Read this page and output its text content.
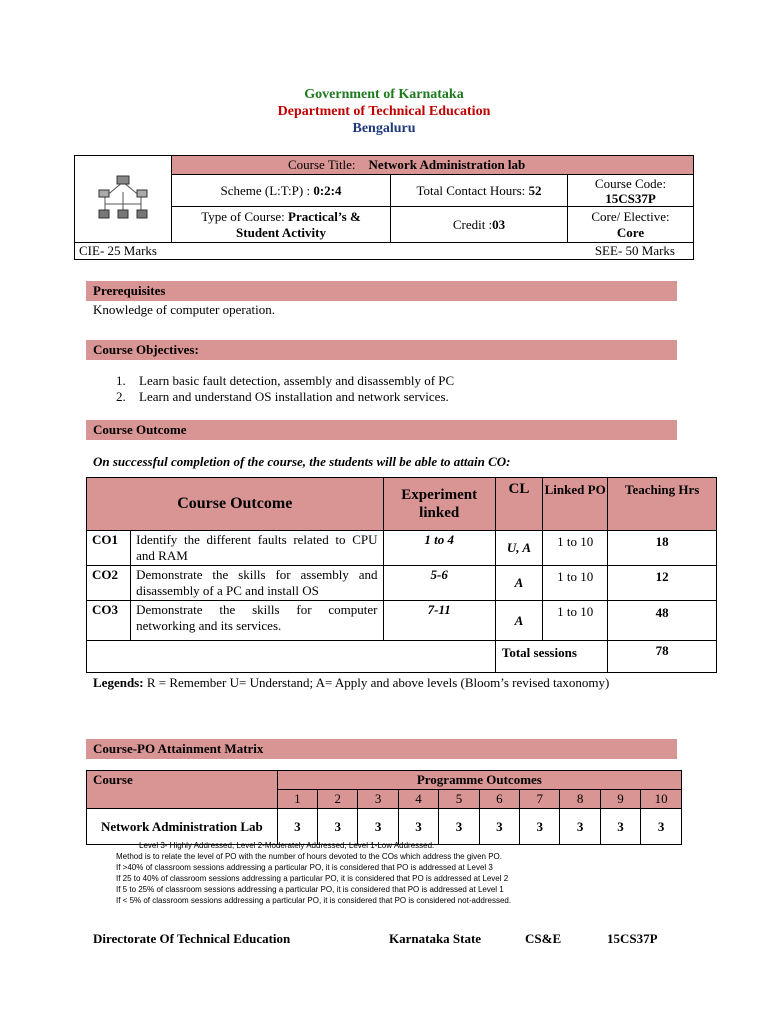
Government of Karnataka
Department of Technical Education
Bengaluru
	Course Title: Network Administration lab		
	Scheme (L:T:P) : 0:2:4	Total Contact Hours: 52	Course Code:
15CS37P
	Type of Course: Practical’s &
Student Activity	Credit :03	Core/ Elective:
Core
CIE- 25 Marks SEE- 50 Marks			
Prerequisites
Knowledge of computer operation.
Course Objectives:
1. Learn basic fault detection, assembly and disassembly of PC
2. Learn and understand OS installation and network services.
Course Outcome
On successful completion of the course, the students will be able to attain CO:
Course Outcome		Experiment linked	CL	Linked PO	Teaching Hrs
CO1	Identify the different faults related to CPU and RAM	1 to 4	U, A	1 to 10	18
CO2	Demonstrate the skills for assembly and disassembly of a PC and install OS	5-6	A	1 to 10	12
CO3	Demonstrate the skills for computer networking and its services.	7-11	A	1 to 10	48
			Total sessions		78
Legends: R = Remember U= Understand; A= Apply and above levels (Bloom’s revised taxonomy)
Course-PO Attainment Matrix
Course	Programme Outcomes									
	1	2	3	4	5	6	7	8	9	10
Network Administration Lab	3	3	3	3	3	3	3	3	3	3
Level 3- Highly Addressed, Level 2-Moderately Addressed, Level 1-Low Addressed.
Method is to relate the level of PO with the number of hours devoted to the COs which address the given PO.
If >40% of classroom sessions addressing a particular PO, it is considered that PO is addressed at Level 3
If 25 to 40% of classroom sessions addressing a particular PO, it is considered that PO is addressed at Level 2
If 5 to 25% of classroom sessions addressing a particular PO, it is considered that PO is addressed at Level 1
If < 5% of classroom sessions addressing a particular PO, it is considered that PO is considered not-addressed.
Directorate Of Technical Education	Karnataka State	CS&E	15CS37P
